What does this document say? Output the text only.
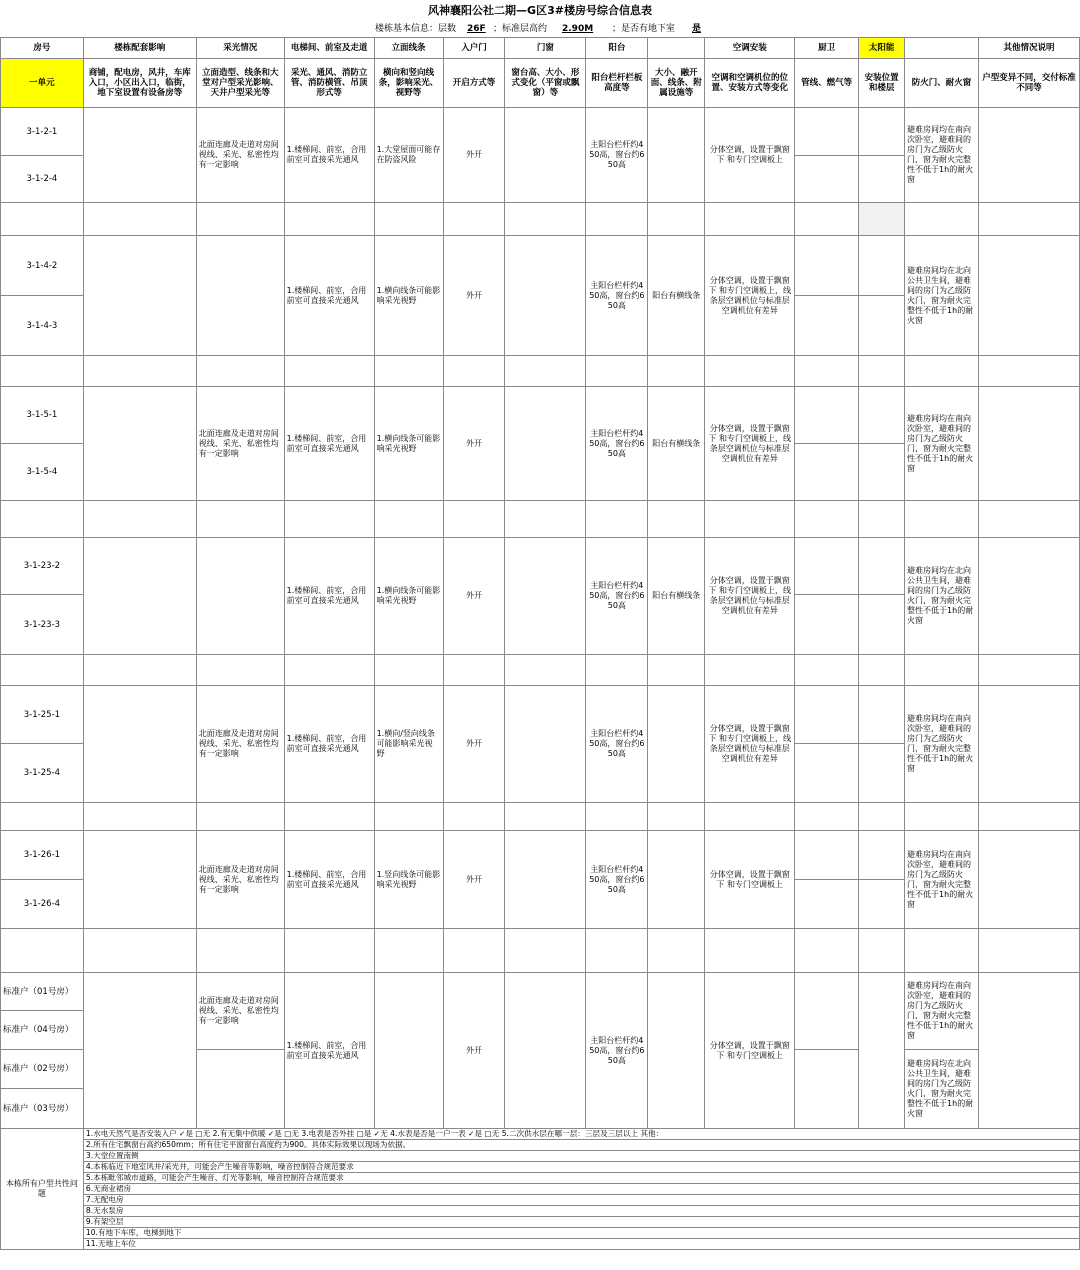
风神襄阳公社二期—G区3#楼房号综合信息表
楼栋基本信息：层数 26F ；标准层高约 2.90M ；是否有地下室 是
房号	楼栋配套影响	采光情况	电梯间、前室及走道	立面线条	入户门	门窗	阳台		空调安装	厨卫	太阳能		其他情况说明
一单元	商铺，配电房，风井，车库入口，小区出入口，临街，地下室设置有设备房等	立面造型、线条和大堂对户型采光影响、天井户型采光等	采光、通风、消防立管、消防横管、吊顶形式等	横向和竖向线条，影响采光、视野等	开启方式等	窗台高、大小、形式变化（平窗或飘窗）等	阳台栏杆栏板高度等	大小、融开面、线条、附属设施等	空调和空调机位的位置、安装方式等变化	管线、燃气等	安装位置和楼层	防火门、耐火窗	户型变异不同，交付标准不同等
3-1-2-1		北面连廊及走道对房间视线、采光、私密性均有一定影响	1.楼梯间、前室，合用前室可直接采光通风	1.大堂屋面可能存在防盗风险	外开		主阳台栏杆约450高，窗台约650高		分体空调，设置于飘窗下 和专门空调板上			避难房间均在南向次卧室，避难间的房门为乙级防火门，窗为耐火完整性不低于1h的耐火窗	

3-1-2-4													

3-1-4-2			1.楼梯间、前室，合用前室可直接采光通风	1.横向线条可能影响采光视野	外开		主阳台栏杆约450高，窗台约650高	阳台有横线条	分体空调，设置于飘窗下 和专门空调板上，线条层空调机位与标准层空调机位有差异			避难房间均在北向公共卫生间，避难间的房门为乙级防火门，窗为耐火完整性不低于1h的耐火窗	

3-1-4-3													

3-1-5-1		北面连廊及走道对房间视线、采光、私密性均有一定影响	1.楼梯间、前室，合用前室可直接采光通风	1.横向线条可能影响采光视野	外开		主阳台栏杆约450高，窗台约650高	阳台有横线条	分体空调，设置于飘窗下 和专门空调板上，线条层空调机位与标准层空调机位有差异			避难房间均在南向次卧室，避难间的房门为乙级防火门，窗为耐火完整性不低于1h的耐火窗	

3-1-5-4													

3-1-23-2			1.楼梯间、前室，合用前室可直接采光通风	1.横向线条可能影响采光视野	外开		主阳台栏杆约450高，窗台约650高	阳台有横线条	分体空调，设置于飘窗下 和专门空调板上，线条层空调机位与标准层空调机位有差异			避难房间均在北向公共卫生间，避难间的房门为乙级防火门，窗为耐火完整性不低于1h的耐火窗	

3-1-23-3													

3-1-25-1		北面连廊及走道对房间视线、采光、私密性均有一定影响	1.楼梯间、前室，合用前室可直接采光通风	1.横向/竖向线条可能影响采光视野	外开		主阳台栏杆约450高，窗台约650高		分体空调，设置于飘窗下 和专门空调板上，线条层空调机位与标准层空调机位有差异			避难房间均在南向次卧室，避难间的房门为乙级防火门，窗为耐火完整性不低于1h的耐火窗	

3-1-25-4													

3-1-26-1		北面连廊及走道对房间视线、采光、私密性均有一定影响	1.楼梯间、前室，合用前室可直接采光通风	1.竖向线条可能影响采光视野	外开		主阳台栏杆约450高，窗台约650高		分体空调，设置于飘窗下 和专门空调板上			避难房间均在南向次卧室，避难间的房门为乙级防火门，窗为耐火完整性不低于1h的耐火窗	

3-1-26-4													

标准户（01号房）		北面连廊及走道对房间视线、采光、私密性均有一定影响	1.楼梯间、前室，合用前室可直接采光通风		外开		主阳台栏杆约450高，窗台约650高		分体空调，设置于飘窗下 和专门空调板上			避难房间均在南向次卧室，避难间的房门为乙级防火门，窗为耐火完整性不低于1h的耐火窗	
标准户（04号房）													
标准户（02号房）												避难房间均在北向公共卫生间，避难间的房门为乙级防火门，窗为耐火完整性不低于1h的耐火窗	
标准户（03号房）													
本栋所有户型共性问题	1.水电天然气是否安装入户 ✓是 □无 2.有无集中供暖 ✓是 □无 3.电表是否外挂 □是 ✓无 4.水表是否是一户一表 ✓是 □无 5.二次供水层在哪一层：三层及三层以上 其他：												
	2.所有住宅飘窗台高约650mm；所有住宅平窗窗台高度约为900。具体实际效果以现场为依据。												
	3.大堂位置南侧												
	4.本栋临近下地室风井/采光井，可能会产生噪音等影响，噪音控制符合规范要求												
	5.本栋毗邻城市道路，可能会产生噪音、灯光等影响，噪音控制符合规范要求												
	6.无商业裙房												
	7.无配电房												
	8.无水泵房												
	9.有架空层												
	10.有地下车库，电梯到地下												
	11.无地上车位												
